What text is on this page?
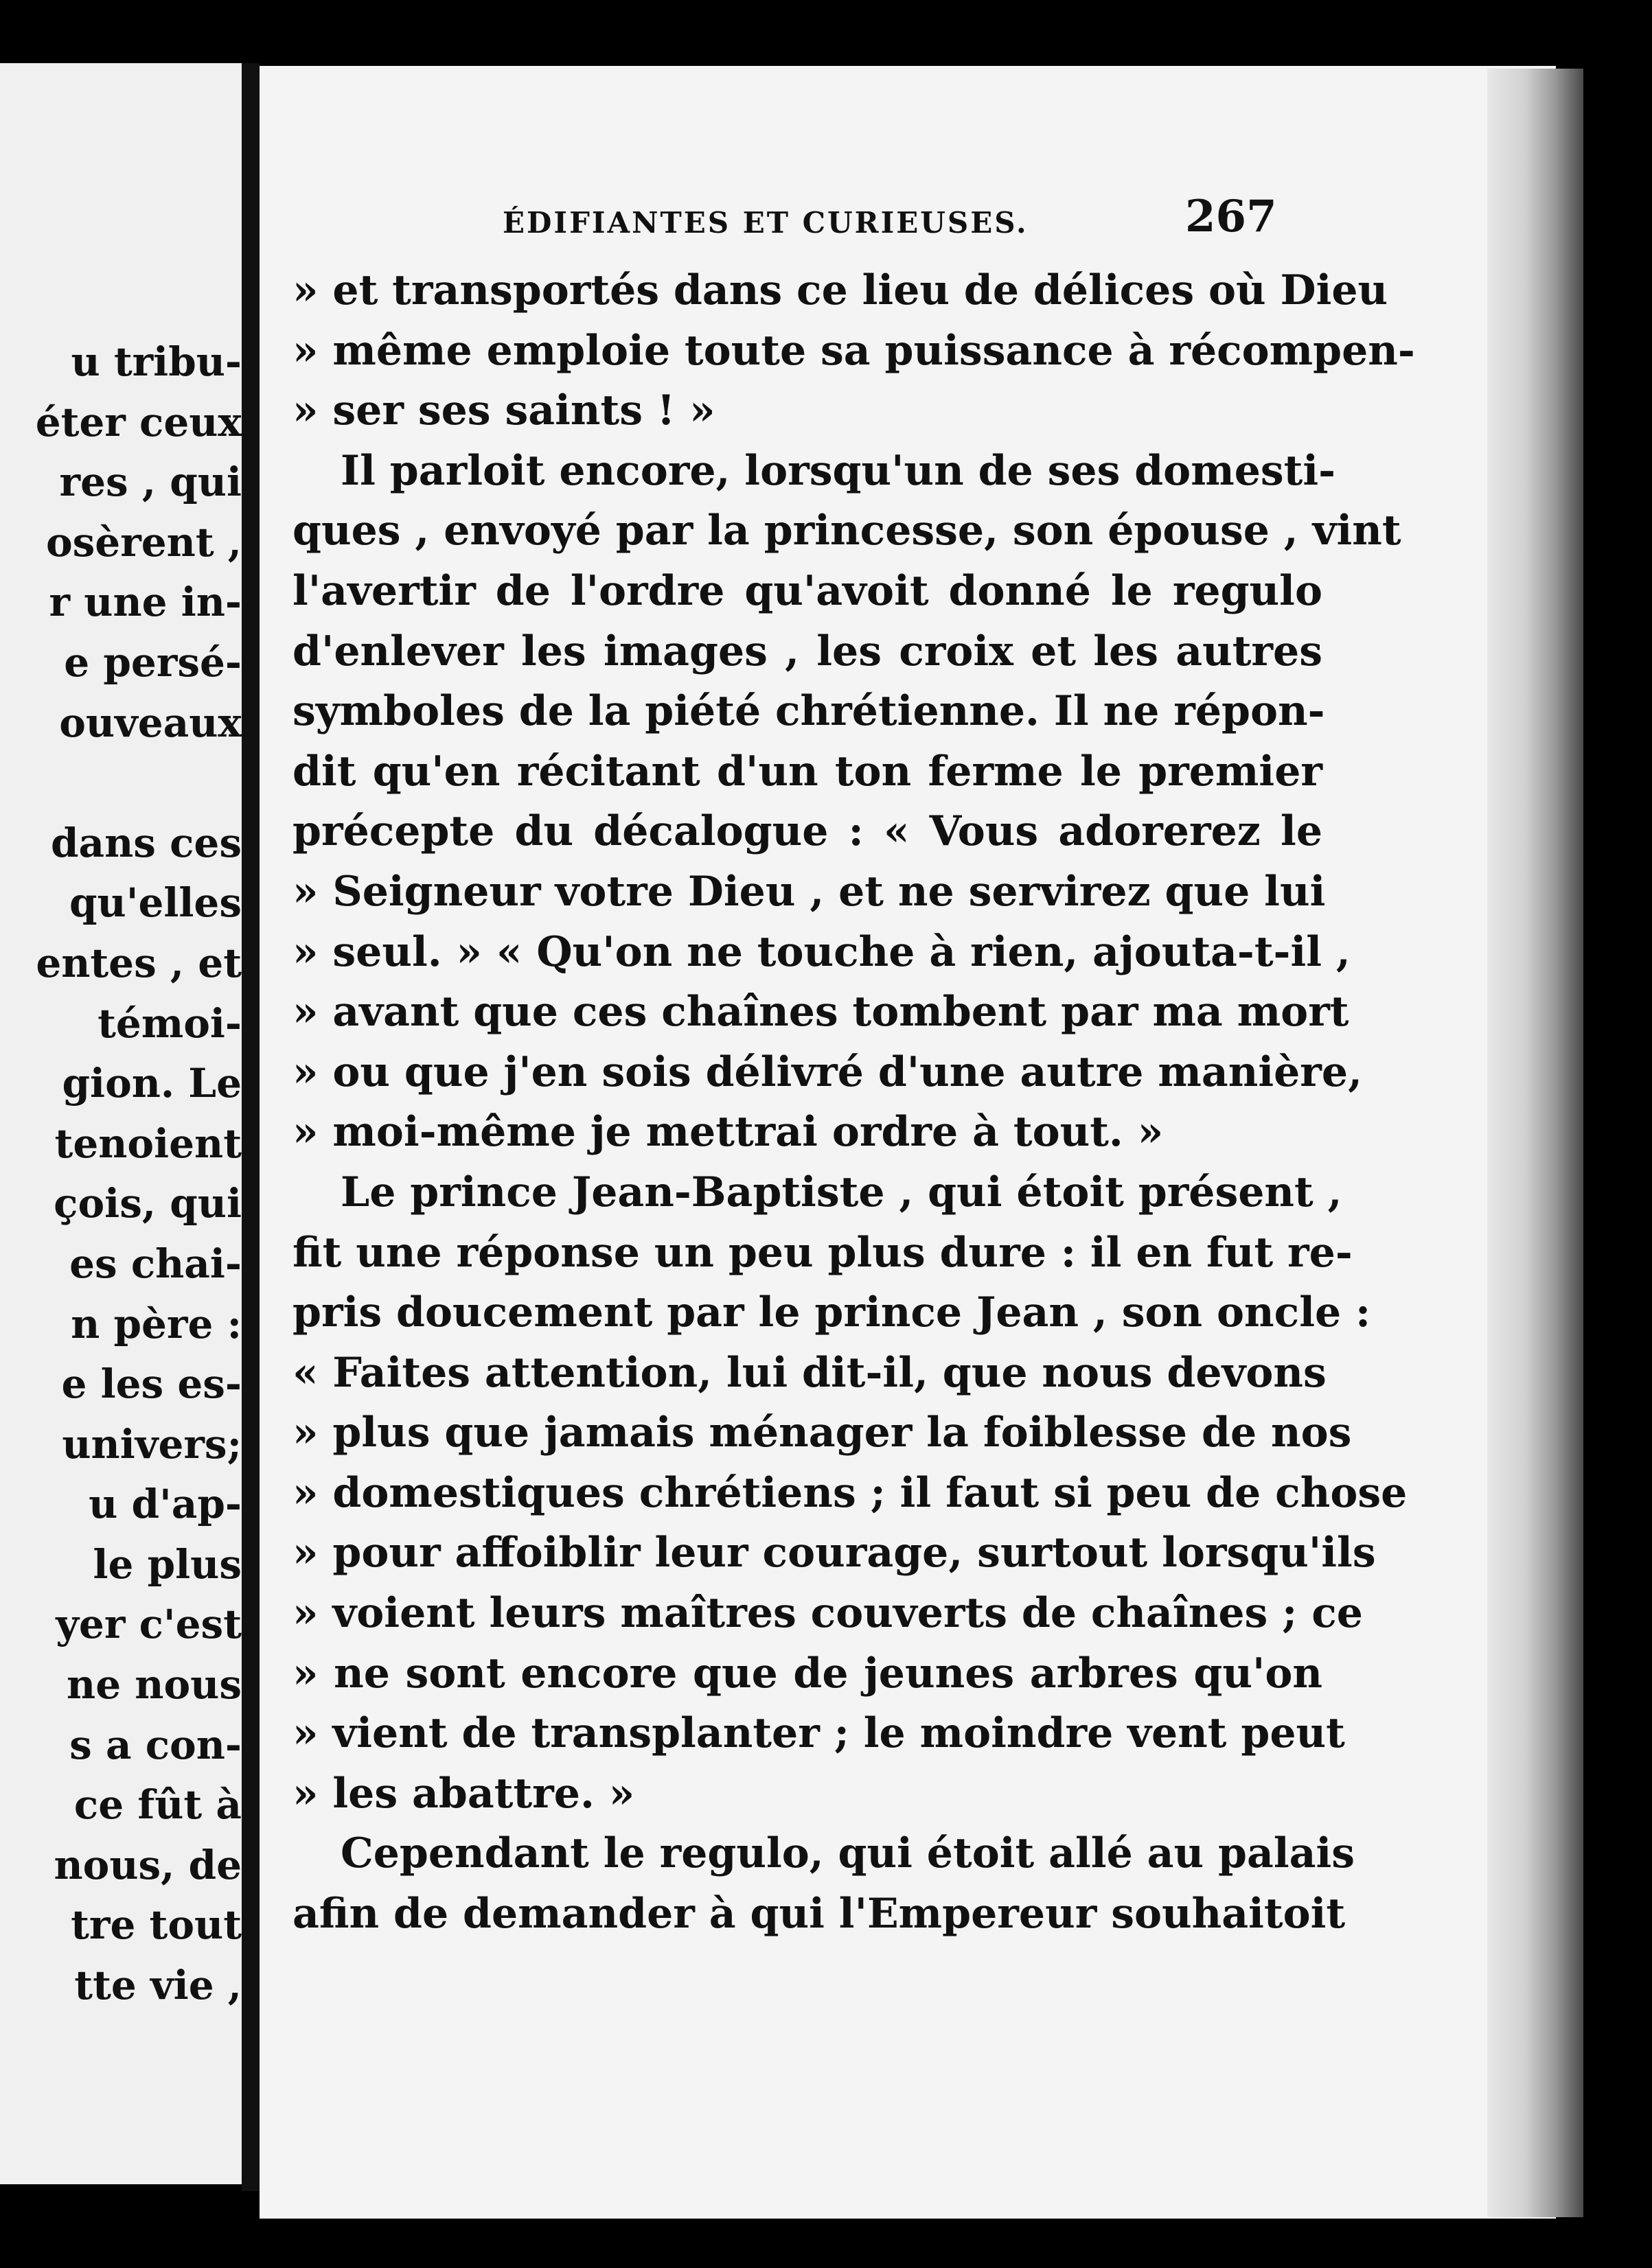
u tribu-
éter ceux
res , qui
osèrent ,
r une in-
e persé-
ouveaux

dans ces
qu'elles
entes , et
témoi-
gion. Le
tenoient
çois, qui
es chai-
n père :
e les es-
univers;
u d'ap-
le plus
yer c'est
ne nous
s a con-
ce fût à
nous, de
tre tout
tte vie ,
ÉDIFIANTES ET CURIEUSES.	267
» et transportés dans ce lieu de délices où Dieu
» même emploie toute sa puissance à récompen-
» ser ses saints ! »
Il parloit encore, lorsqu'un de ses domesti-
ques , envoyé par la princesse, son épouse , vint
l'avertir de l'ordre qu'avoit donné le regulo
d'enlever les images , les croix et les autres
symboles de la piété chrétienne. Il ne répon-
dit qu'en récitant d'un ton ferme le premier
précepte du décalogue : « Vous adorerez le
» Seigneur votre Dieu , et ne servirez que lui
» seul. » « Qu'on ne touche à rien, ajouta-t-il ,
» avant que ces chaînes tombent par ma mort
» ou que j'en sois délivré d'une autre manière,
» moi-même je mettrai ordre à tout. »
Le prince Jean-Baptiste , qui étoit présent ,
fit une réponse un peu plus dure : il en fut re-
pris doucement par le prince Jean , son oncle :
« Faites attention, lui dit-il, que nous devons
» plus que jamais ménager la foiblesse de nos
» domestiques chrétiens ; il faut si peu de chose
» pour affoiblir leur courage, surtout lorsqu'ils
» voient leurs maîtres couverts de chaînes ; ce
» ne sont encore que de jeunes arbres qu'on
» vient de transplanter ; le moindre vent peut
» les abattre. »
Cependant le regulo, qui étoit allé au palais
afin de demander à qui l'Empereur souhaitoit
